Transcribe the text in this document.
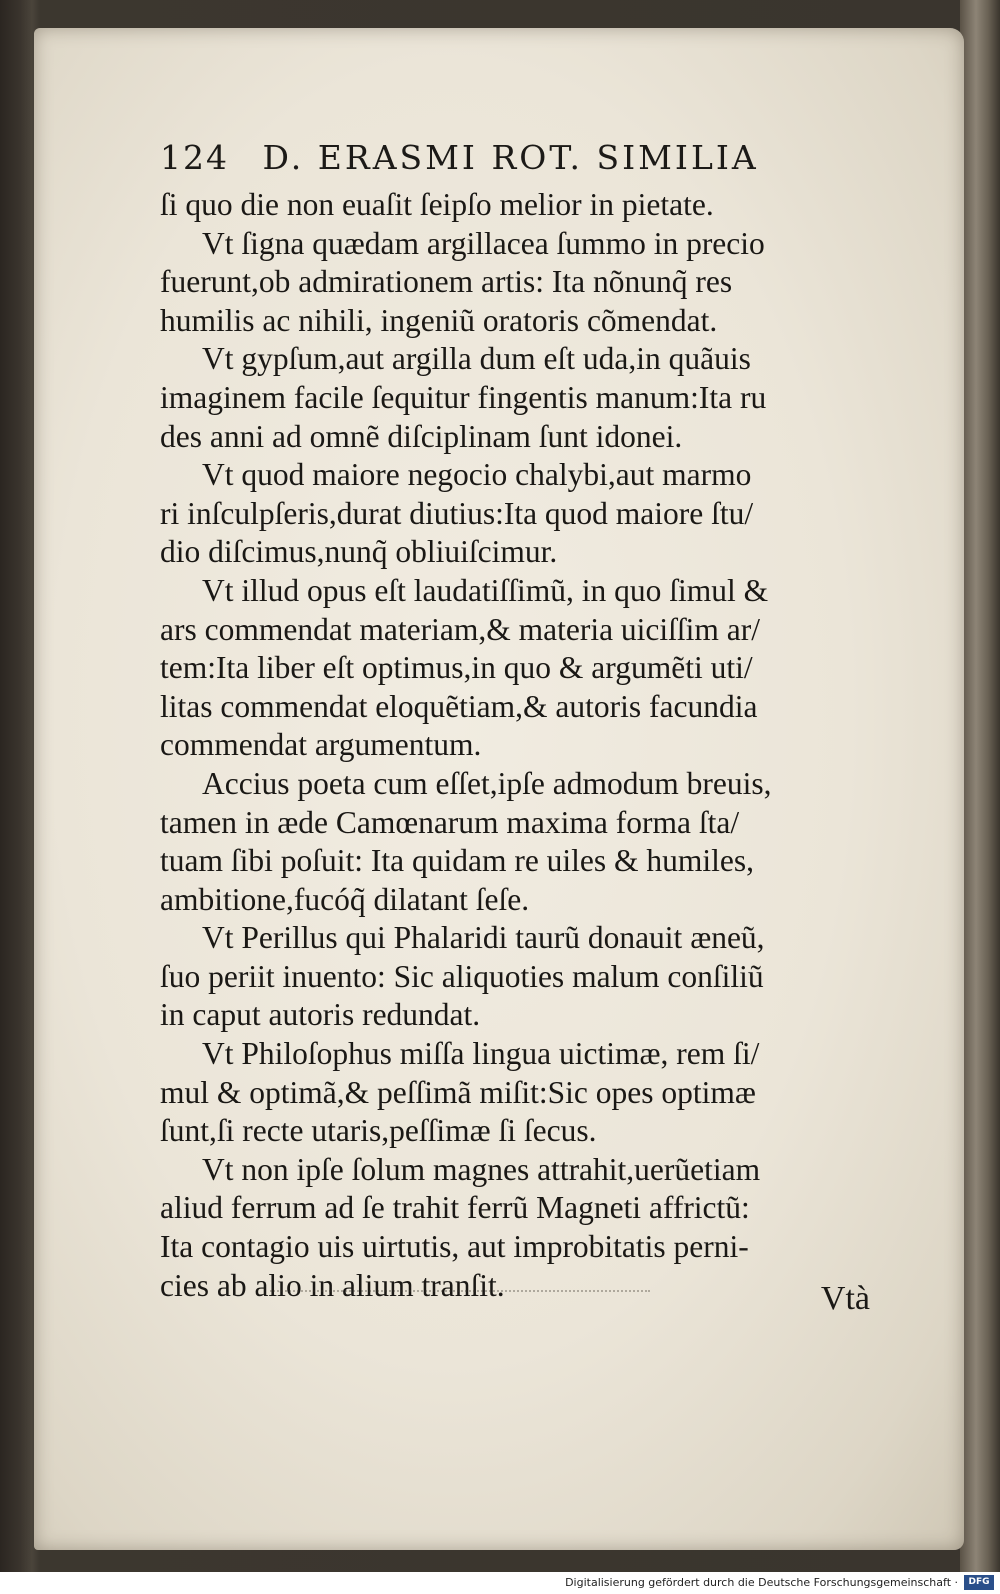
124 D. ERASMI ROT. SIMILIA
ſi quo die non euaſit ſeipſo melior in pietate.
Vt ſigna quædam argillacea ſummo in precio
fuerunt,ob admirationem artis: Ita nõnunq̃ res
humilis ac nihili, ingeniũ oratoris cõmendat.
Vt gypſum,aut argilla dum eſt uda,in quãuis
imaginem facile ſequitur fingentis manum:Ita ru
des anni ad omnẽ diſciplinam ſunt idonei.
Vt quod maiore negocio chalybi,aut marmo
ri inſculpſeris,durat diutius:Ita quod maiore ſtu/
dio diſcimus,nunq̃ obliuiſcimur.
Vt illud opus eſt laudatiſſimũ, in quo ſimul &
ars commendat materiam,& materia uiciſſim ar/
tem:Ita liber eſt optimus,in quo & argumẽti uti/
litas commendat eloquẽtiam,& autoris facundia
commendat argumentum.
Accius poeta cum eſſet,ipſe admodum breuis,
tamen in æde Camœnarum maxima forma ſta/
tuam ſibi poſuit: Ita quidam re uiles & humiles,
ambitione,fucóq̃ dilatant ſeſe.
Vt Perillus qui Phalaridi taurũ donauit æneũ,
ſuo periit inuento: Sic aliquoties malum conſiliũ
in caput autoris redundat.
Vt Philoſophus miſſa lingua uictimæ, rem ſi/
mul & optimã,& peſſimã miſit:Sic opes optimæ
ſunt,ſi recte utaris,peſſimæ ſi ſecus.
Vt non ipſe ſolum magnes attrahit,uerũetiam
aliud ferrum ad ſe trahit ferrũ Magneti affrictũ:
Ita contagio uis uirtutis, aut improbitatis perni-
cies ab alio in alium tranſit.	Vtà
Digitalisierung gefördert durch die Deutsche Forschungsgemeinschaft ·	DFG
